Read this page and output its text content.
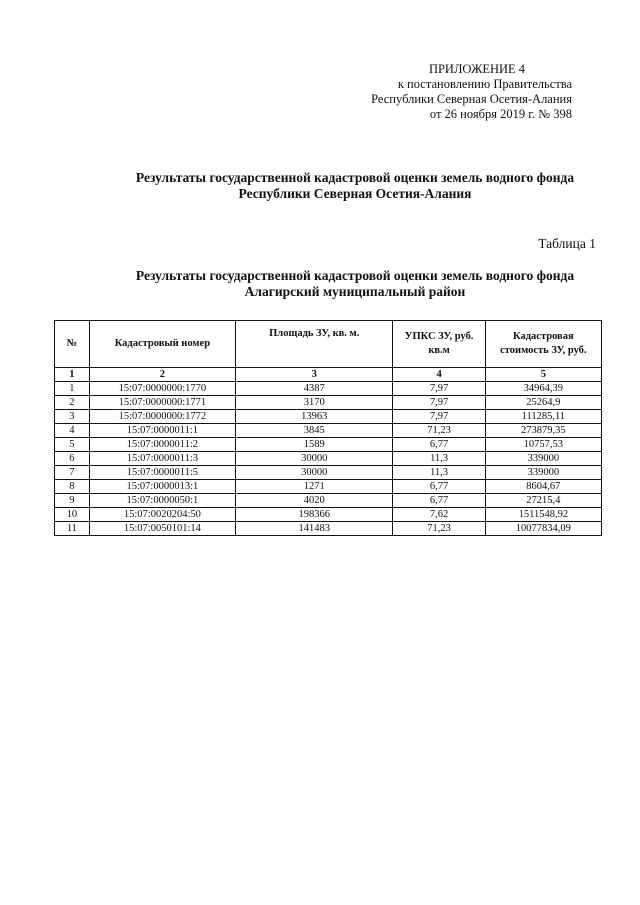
ПРИЛОЖЕНИЕ 4
к постановлению Правительства
Республики Северная Осетия-Алания
от 26 ноября 2019 г. № 398
Результаты государственной кадастровой оценки земель водного фонда
Республики Северная Осетия-Алания
Таблица 1
Результаты государственной кадастровой оценки земель водного фонда
Алагирский муниципальный район
№	Кадастровый номер	Площадь ЗУ, кв. м.	УПКС ЗУ, руб. кв.м	Кадастровая стоимость ЗУ, руб.
1	2	3	4	5
1	15:07:0000000:1770	4387	7,97	34964,39
2	15:07:0000000:1771	3170	7,97	25264,9
3	15:07:0000000:1772	13963	7,97	111285,11
4	15:07:0000011:1	3845	71,23	273879,35
5	15:07:0000011:2	1589	6,77	10757,53
6	15:07:0000011:3	30000	11,3	339000
7	15:07:0000011:5	30000	11,3	339000
8	15:07:0000013:1	1271	6,77	8604,67
9	15:07:0000050:1	4020	6,77	27215,4
10	15:07:0020204:50	198366	7,62	1511548,92
11	15:07:0050101:14	141483	71,23	10077834,09
